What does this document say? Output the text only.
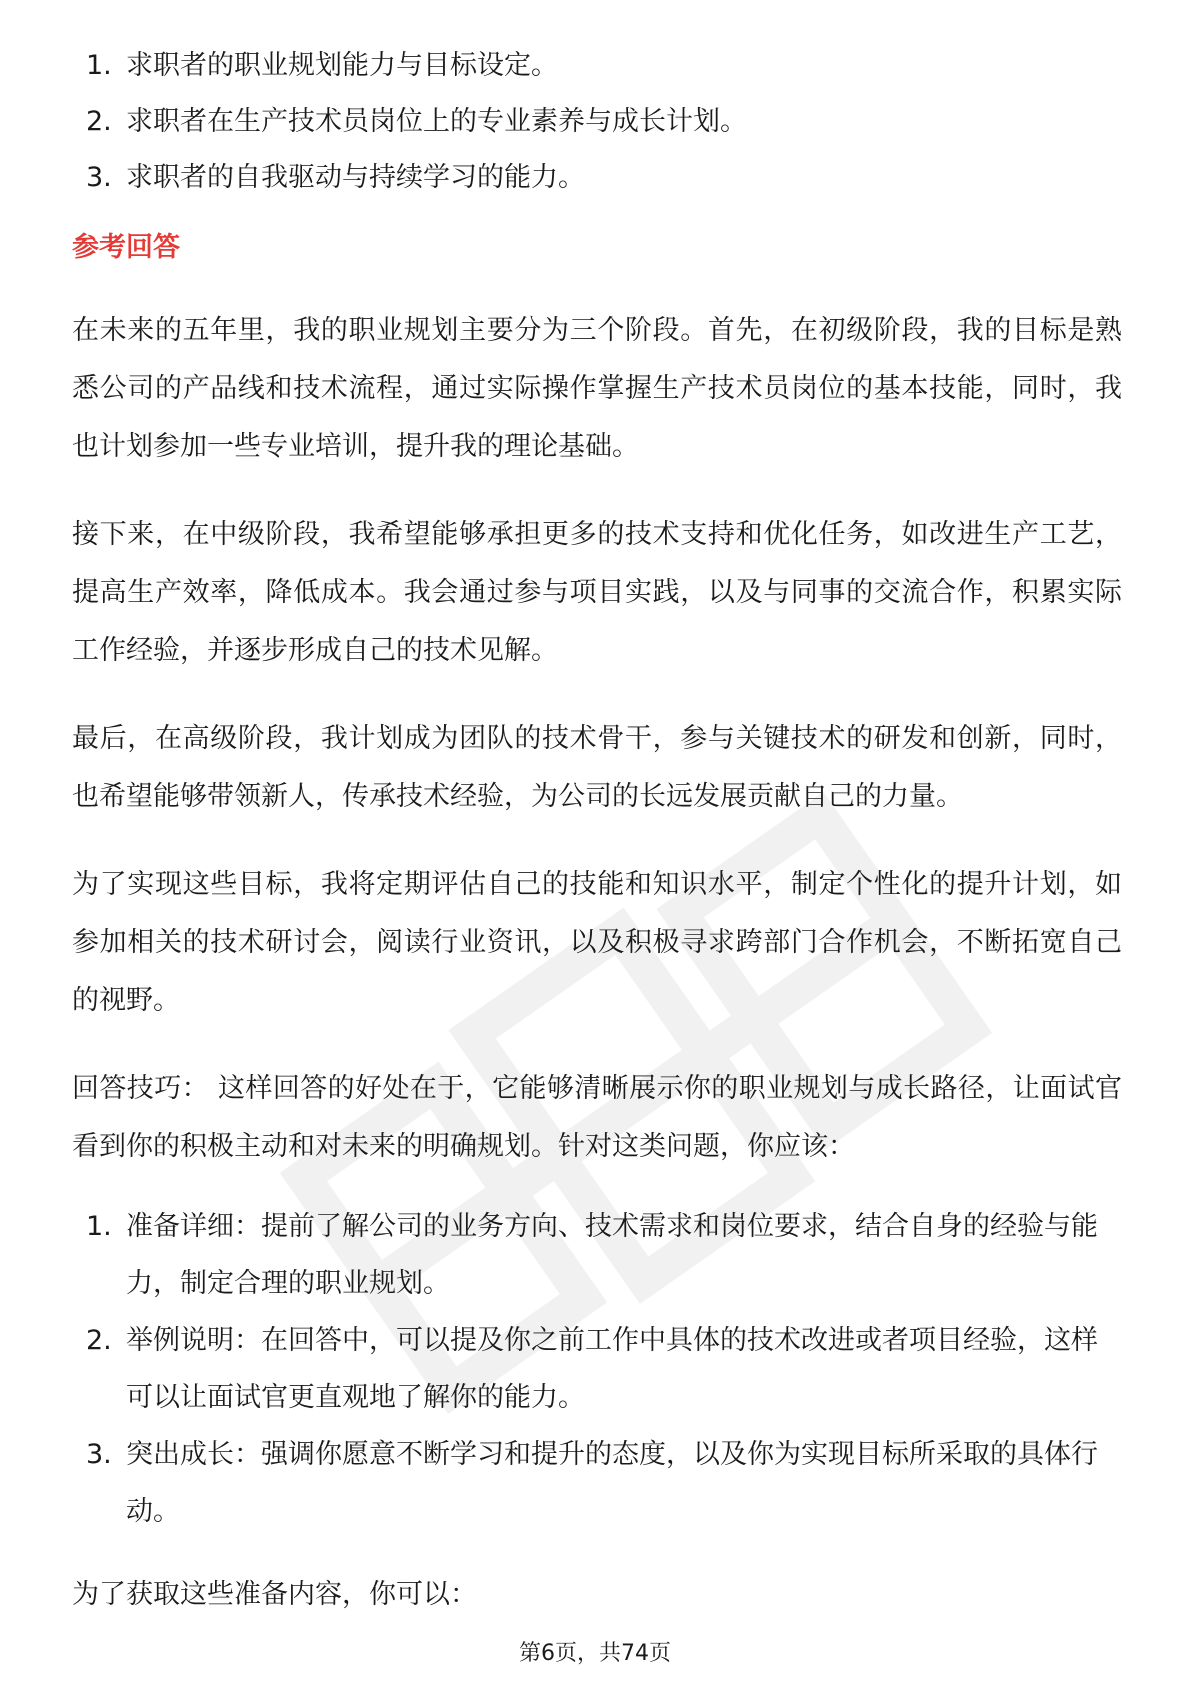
1. 求职者的职业规划能力与目标设定。
2. 求职者在生产技术员岗位上的专业素养与成长计划。
3. 求职者的自我驱动与持续学习的能力。
参考回答

在未来的五年里，我的职业规划主要分为三个阶段。首先，在初级阶段，我的目标是熟悉公司的产品线和技术流程，通过实际操作掌握生产技术员岗位的基本技能，同时，我也计划参加一些专业培训，提升我的理论基础。

接下来，在中级阶段，我希望能够承担更多的技术支持和优化任务，如改进生产工艺，提高生产效率，降低成本。我会通过参与项目实践，以及与同事的交流合作，积累实际工作经验，并逐步形成自己的技术见解。

最后，在高级阶段，我计划成为团队的技术骨干，参与关键技术的研发和创新，同时，也希望能够带领新人，传承技术经验，为公司的长远发展贡献自己的力量。

为了实现这些目标，我将定期评估自己的技能和知识水平，制定个性化的提升计划，如参加相关的技术研讨会，阅读行业资讯，以及积极寻求跨部门合作机会，不断拓宽自己的视野。

回答技巧： 这样回答的好处在于，它能够清晰展示你的职业规划与成长路径，让面试官看到你的积极主动和对未来的明确规划。针对这类问题，你应该：

1. 准备详细：提前了解公司的业务方向、技术需求和岗位要求，结合自身的经验与能力，制定合理的职业规划。
2. 举例说明：在回答中，可以提及你之前工作中具体的技术改进或者项目经验，这样可以让面试官更直观地了解你的能力。
3. 突出成长：强调你愿意不断学习和提升的态度，以及你为实现目标所采取的具体行动。

为了获取这些准备内容，你可以：

第6页，共74页
